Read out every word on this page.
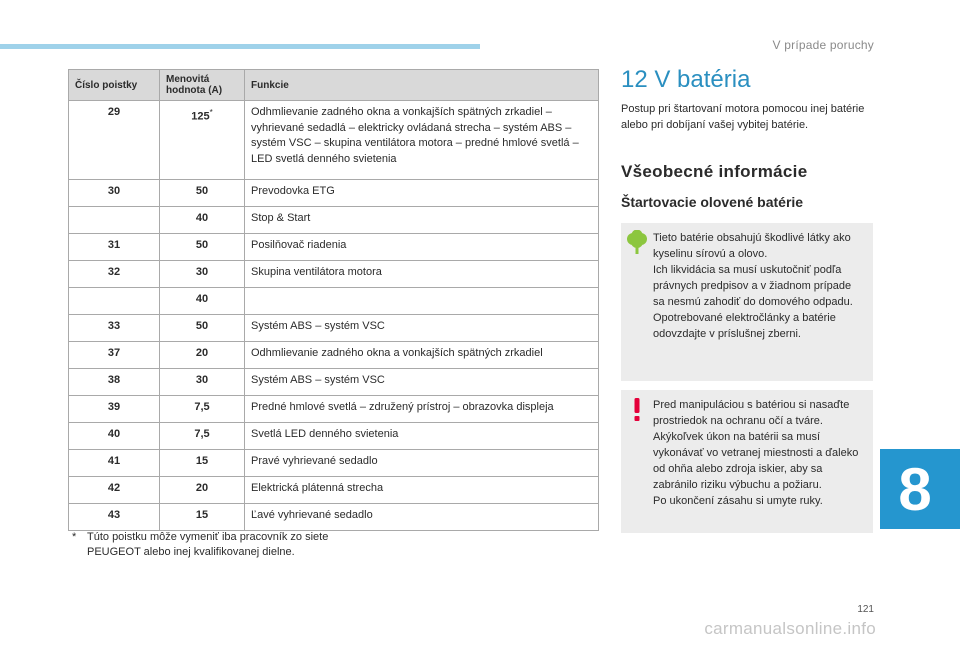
V prípade poruchy
Číslo poistky	Menovitá hodnota (A)	Funkcie
29	125*	Odhmlievanie zadného okna a vonkajších spätných zrkadiel – vyhrievané sedadlá – elektricky ovládaná strecha – systém ABS – systém VSC – skupina ventilátora motora – predné hmlové svetlá – LED svetlá denného svietenia
30	50	Prevodovka ETG
	40	Stop & Start
31	50	Posilňovač riadenia
32	30	Skupina ventilátora motora
	40	
33	50	Systém ABS – systém VSC
37	20	Odhmlievanie zadného okna a vonkajších spätných zrkadiel
38	30	Systém ABS – systém VSC
39	7,5	Predné hmlové svetlá – združený prístroj – obrazovka displeja
40	7,5	Svetlá LED denného svietenia
41	15	Pravé vyhrievané sedadlo
42	20	Elektrická plátenná strecha
43	15	Ľavé vyhrievané sedadlo
* Túto poistku môže vymeniť iba pracovník zo siete PEUGEOT alebo inej kvalifikovanej dielne.
12 V batéria
Postup pri štartovaní motora pomocou inej batérie alebo pri dobíjaní vašej vybitej batérie.
Všeobecné informácie
Štartovacie olovené batérie

Tieto batérie obsahujú škodlivé látky ako kyselinu sírovú a olovo.

Ich likvidácia sa musí uskutočniť podľa právnych predpisov a v žiadnom prípade sa nesmú zahodiť do domového odpadu.

Opotrebované elektročlánky a batérie odovzdajte v príslušnej zberni.

Pred manipuláciou s batériou si nasaďte prostriedok na ochranu očí a tváre.

Akýkoľvek úkon na batérii sa musí vykonávať vo vetranej miestnosti a ďaleko od ohňa alebo zdroja iskier, aby sa zabránilo riziku výbuchu a požiaru.

Po ukončení zásahu si umyte ruky.	8
121
carmanualsonline.info
